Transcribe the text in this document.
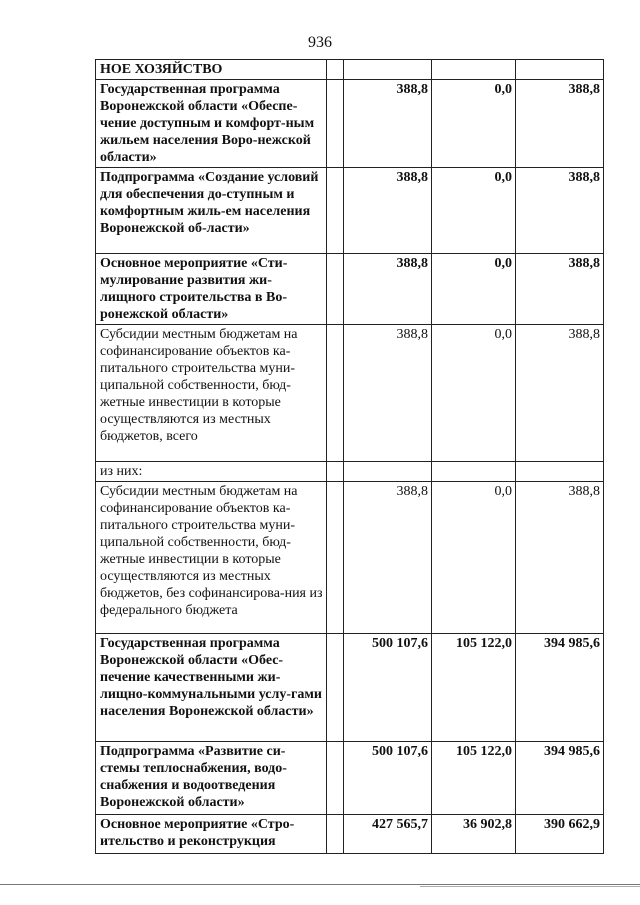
936
НОЕ ХОЗЯЙСТВО				
Государственная программа Воронежской области «Обеспе-чение доступным и комфорт-ным жильем населения Воро-нежской области»		388,8	0,0	388,8
Подпрограмма «Создание условий для обеспечения до-ступным и комфортным жиль-ем населения Воронежской об-ласти»		388,8	0,0	388,8
Основное мероприятие «Сти-мулирование развития жи-лищного строительства в Во-ронежской области»		388,8	0,0	388,8
Субсидии местным бюджетам на софинансирование объектов ка-питального строительства муни-ципальной собственности, бюд-жетные инвестиции в которые осуществляются из местных бюджетов, всего		388,8	0,0	388,8
из них:				
Субсидии местным бюджетам на софинансирование объектов ка-питального строительства муни-ципальной собственности, бюд-жетные инвестиции в которые осуществляются из местных бюджетов, без софинансирова-ния из федерального бюджета		388,8	0,0	388,8
Государственная программа Воронежской области «Обес-печение качественными жи-лищно-коммунальными услу-гами населения Воронежской области»		500 107,6	105 122,0	394 985,6
Подпрограмма «Развитие си-стемы теплоснабжения, водо-снабжения и водоотведения Воронежской области»		500 107,6	105 122,0	394 985,6
Основное мероприятие «Стро-ительство и реконструкция		427 565,7	36 902,8	390 662,9
